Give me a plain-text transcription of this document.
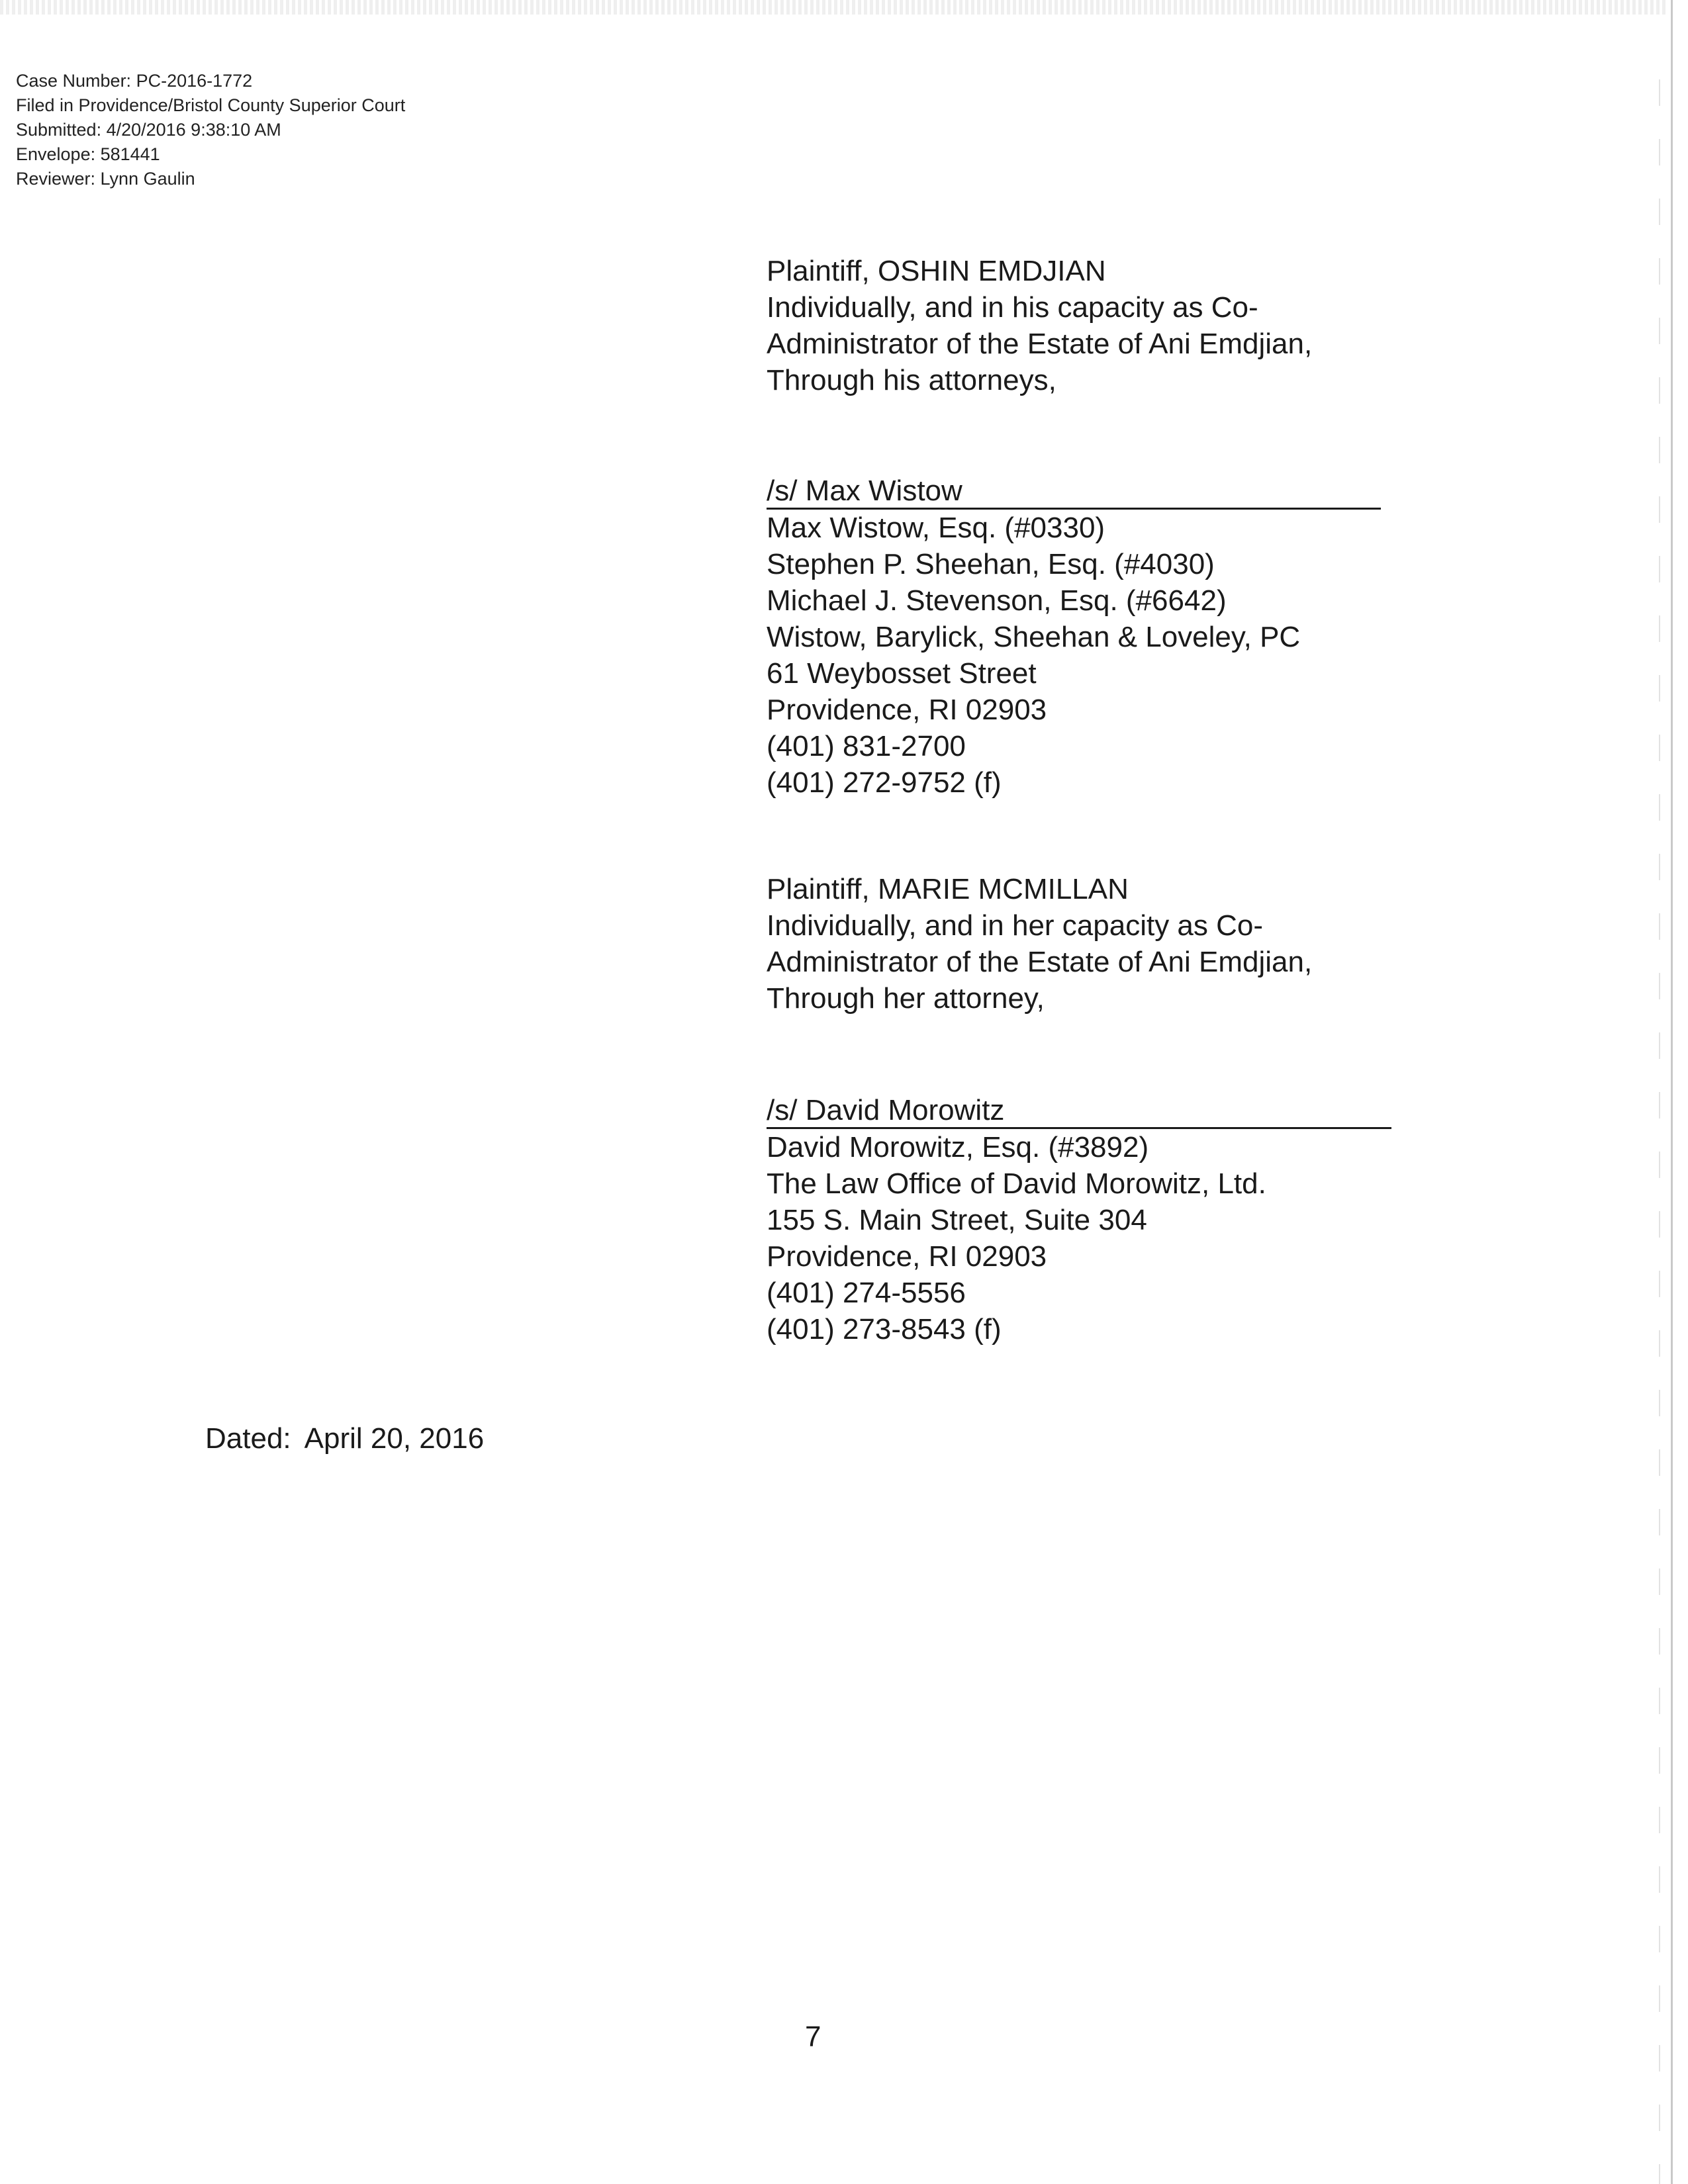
Case Number: PC-2016-1772
Filed in Providence/Bristol County Superior Court
Submitted: 4/20/2016 9:38:10 AM
Envelope: 581441
Reviewer: Lynn Gaulin
Plaintiff, OSHIN EMDJIAN
Individually, and in his capacity as Co-
Administrator of the Estate of Ani Emdjian,
Through his attorneys,
/s/ Max Wistow
Max Wistow, Esq. (#0330)
Stephen P. Sheehan, Esq. (#4030)
Michael J. Stevenson, Esq. (#6642)
Wistow, Barylick, Sheehan & Loveley, PC
61 Weybosset Street
Providence, RI 02903
(401) 831-2700
(401) 272-9752 (f)
Plaintiff, MARIE MCMILLAN
Individually, and in her capacity as Co-
Administrator of the Estate of Ani Emdjian,
Through her attorney,
/s/ David Morowitz
David Morowitz, Esq. (#3892)
The Law Office of David Morowitz, Ltd.
155 S. Main Street, Suite 304
Providence, RI 02903
(401) 274-5556
(401) 273-8543 (f)
Dated: April 20, 2016
7
